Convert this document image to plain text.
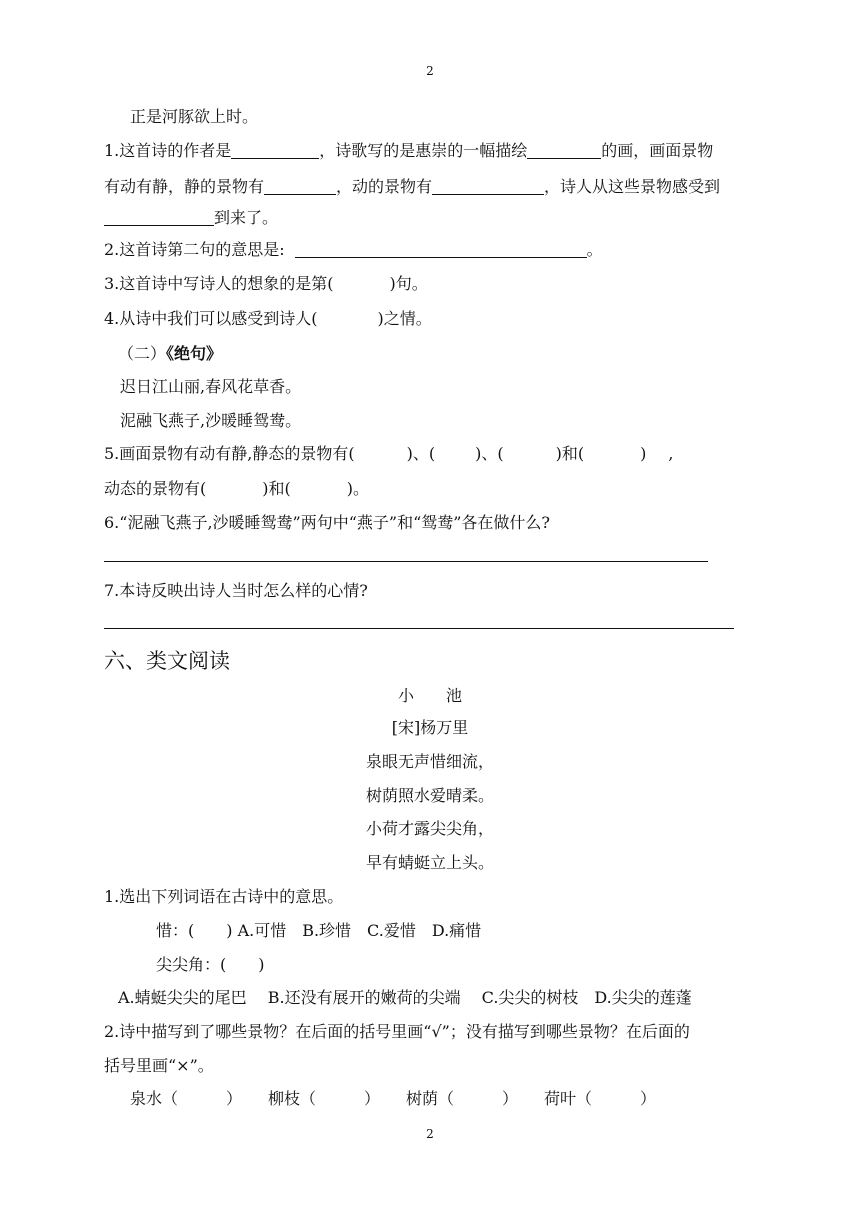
2
正是河豚欲上时。
1.这首诗的作者是	，诗歌写的是惠崇的一幅描绘	的画，画面景物
有动有静，静的景物有	，动的景物有	，诗人从这些景物感受到
到来了。
2.这首诗第二句的意思是:	。
3.这首诗中写诗人的想象的是第(	)句。
4.从诗中我们可以感受到诗人(	)之情。
（二）《绝句》
迟日江山丽,春风花草香。
泥融飞燕子,沙暖睡鸳鸯。
5.画面景物有动有静,静态的景物有(	)、(	)、(	)和(	) ,
动态的景物有(	)和(	)。
6.“泥融飞燕子,沙暖睡鸳鸯”两句中“燕子”和“鸳鸯”各在做什么?
7.本诗反映出诗人当时怎么样的心情?
六、类文阅读
小　　池
[宋]杨万里
泉眼无声惜细流，
树荫照水爱晴柔。
小荷才露尖尖角，
早有蜻蜓立上头。
1.选出下列词语在古诗中的意思。
惜：(　　) A.可惜　B.珍惜　C.爱惜　D.痛惜
尖尖角：(　　)
A.蜻蜓尖尖的尾巴　 B.还没有展开的嫩荷的尖端　 C.尖尖的树枝　D.尖尖的莲蓬
2.诗中描写到了哪些景物？在后面的括号里画“√”；没有描写到哪些景物？在后面的
括号里画“×”。
泉水（　　　） 柳枝（　　　） 树荫（　　　） 荷叶（　　　）
2
